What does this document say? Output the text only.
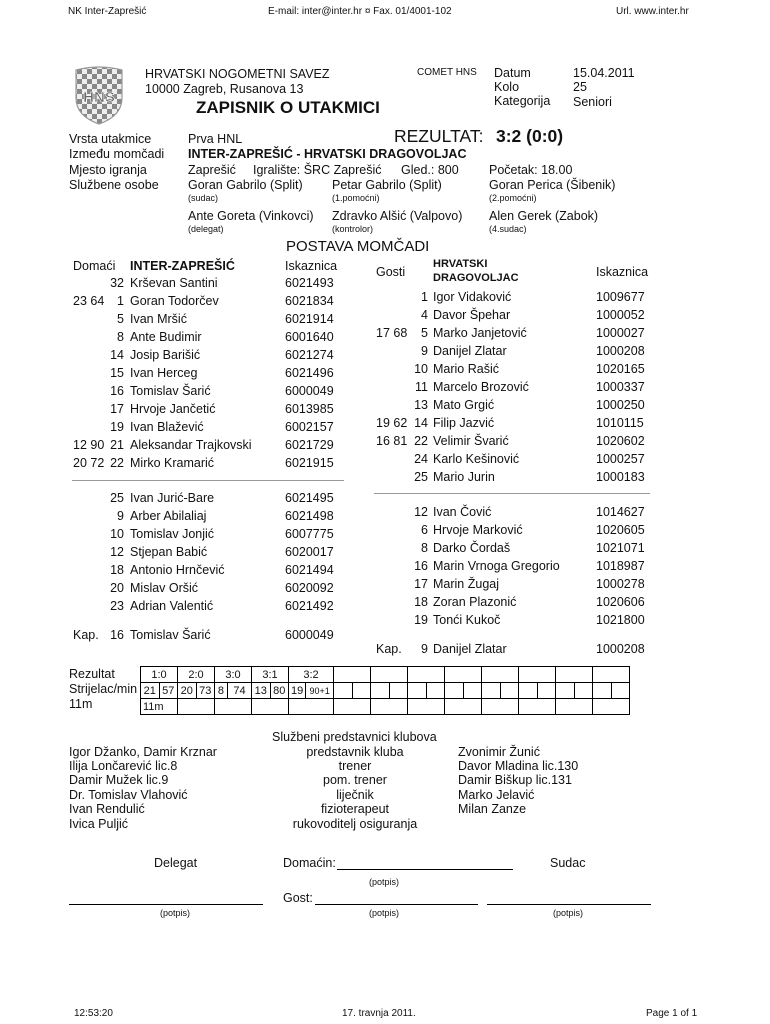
NK Inter-Zaprešić	E-mail: inter@inter.hr ¤ Fax. 01/4001-102	Url. www.inter.hr
HNS
HRVATSKI NOGOMETNI SAVEZ
10000 Zagreb, Rusanova 13
ZAPISNIK O UTAKMICI
COMET HNS Datum	15.04.2011
Kolo	25
Kategorija Seniori
Vrsta utakmice	Prva HNL	REZULTAT: 3:2 (0:0)
Između momčadi INTER-ZAPREŠIĆ - HRVATSKI DRAGOVOLJAC
Mjesto igranja	Zaprešić Igralište: ŠRC Zaprešić Gled.: 800 Početak: 18.00
Službene osobe Goran Gabrilo (Split)
(sudac)
Petar Gabrilo (Split)
(1.pomoćni)
Goran Perica (Šibenik)
(2.pomoćni)
Ante Goreta (Vinkovci)
(delegat)
Zdravko Alšić (Valpovo)
(kontrolor)
Alen Gerek (Zabok)
(4.sudac)
POSTAVA MOMČADI
Domaći INTER-ZAPREŠIĆ	Iskaznica	Gosti
HRVATSKI
DRAGOVOLJAC	Iskaznica
32 Krševan Santini	6021493
23 64	1 Goran Todorčev	6021834
5 Ivan Mršić	6021914
8 Ante Budimir	6001640
14 Josip Barišić	6021274
15 Ivan Herceg	6021496
16 Tomislav Šarić	6000049
17 Hrvoje Jančetić	6013985
19 Ivan Blažević	6002157
12 90 21 Aleksandar Trajkovski	6021729
20 72 22 Mirko Kramarić	6021915
25 Ivan Jurić-Bare	6021495
9 Arber Abilaliaj	6021498
10 Tomislav Jonjić	6007775
12 Stjepan Babić	6020017
18 Antonio Hrnčević	6021494
20 Mislav Oršić	6020092
23 Adrian Valentić	6021492
Kap. 16 Tomislav Šarić	6000049
1 Igor Vidaković	1009677
4 Davor Špehar	1000052
17 68	5 Marko Janjetović	1000027
9 Danijel Zlatar	1000208
10 Mario Rašić	1020165
11 Marcelo Brozović	1000337
13 Mato Grgić	1000250
19 62 14 Filip Jazvić	1010115
16 81 22 Velimir Švarić	1020602
24 Karlo Kešinović	1000257
25 Mario Jurin	1000183
12 Ivan Čović	1014627
6 Hrvoje Marković	1020605
8 Darko Čordaš	1021071
16 Marin Vrnoga Gregorio	1018987
17 Marin Žugaj	1000278
18 Zoran Plazonić	1020606
19 Tonći Kukoč	1021800
Kap.	9 Danijel Zlatar	1000208
Rezultat
Strijelac/min
11m
1:0		2:0		3:0		3:1		3:2																	
21	57	20	73	8	74	13	80	19	90+1																
11m																									
Službeni predstavnici klubova
Igor Džanko, Damir Krznar	predstavnik kluba	Zvonimir Žunić
Ilija Lončarević lic.8	trener	Davor Mladina lic.130
Damir Mužek lic.9	pom. trener	Damir Biškup lic.131
Dr. Tomislav Vlahović	liječnik	Marko Jelavić
Ivan Rendulić	fizioterapeut	Milan Zanze
Ivica Puljić	rukovoditelj osiguranja
Delegat	Domaćin:	Sudac
(potpis)
Gost:
(potpis)	(potpis)	(potpis)
12:53:20	17. travnja 2011.	Page 1 of 1
